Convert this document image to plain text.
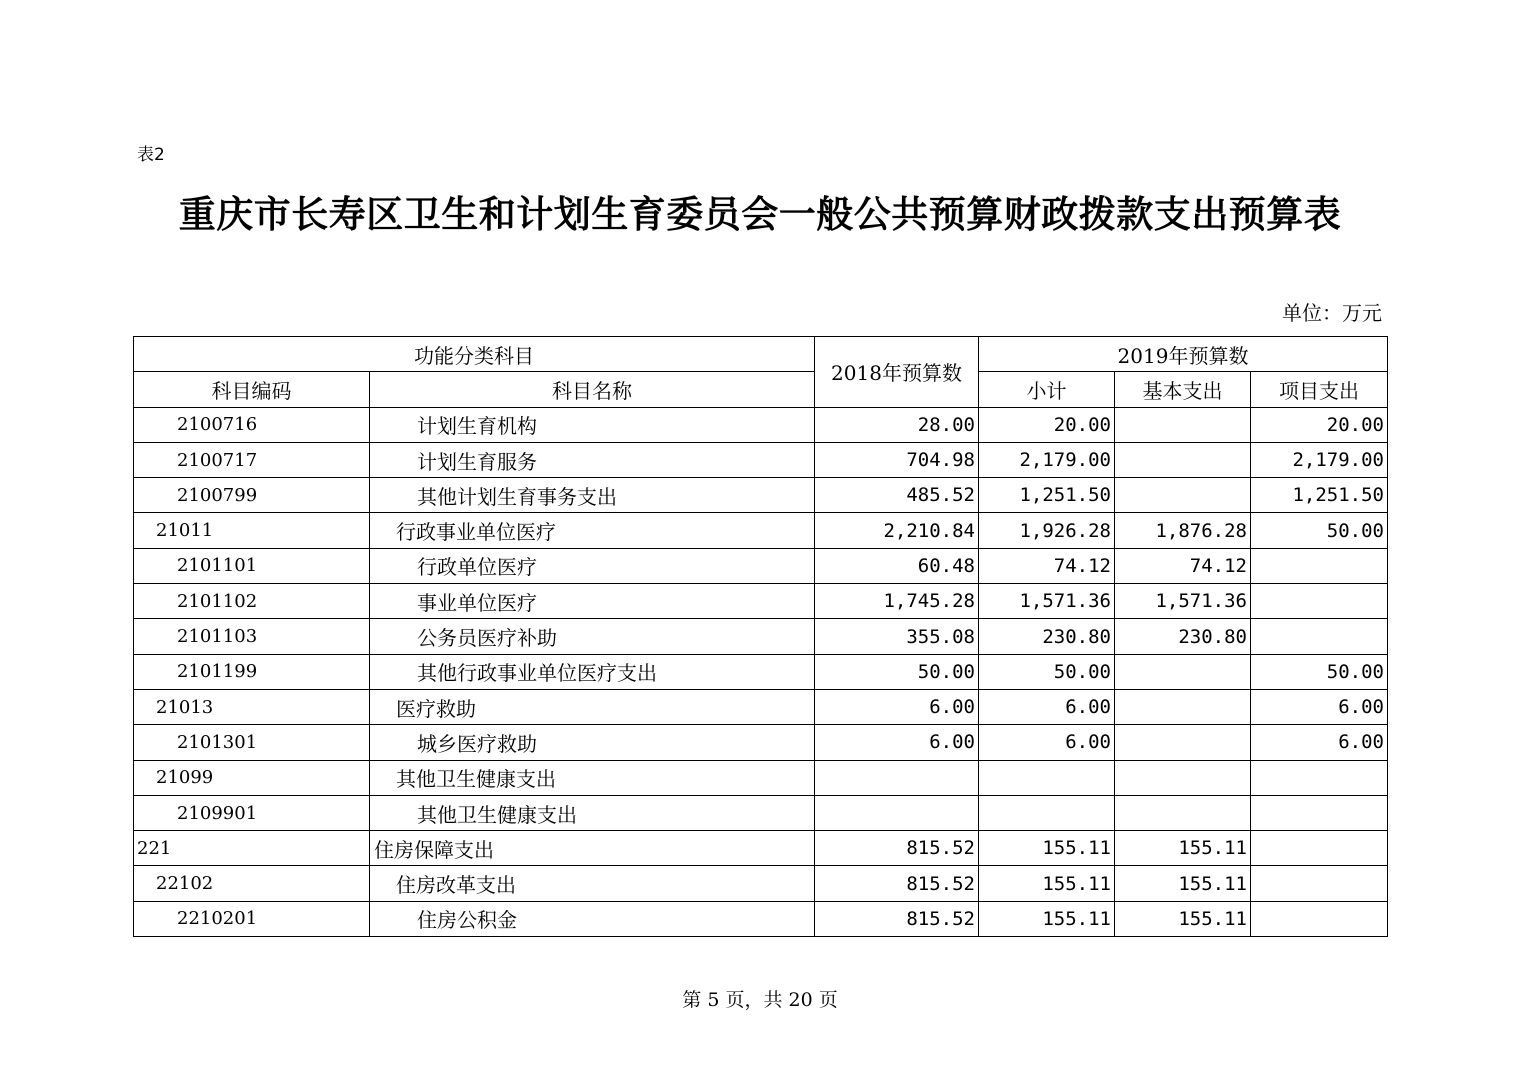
表2
重庆市长寿区卫生和计划生育委员会一般公共预算财政拨款支出预算表
单位：万元
功能分类科目		2018年预算数	2019年预算数		
科目编码	科目名称		小计	基本支出	项目支出
2100716	计划生育机构	28.00	20.00		20.00
2100717	计划生育服务	704.98	2,179.00		2,179.00
2100799	其他计划生育事务支出	485.52	1,251.50		1,251.50
21011	行政事业单位医疗	2,210.84	1,926.28	1,876.28	50.00
2101101	行政单位医疗	60.48	74.12	74.12	
2101102	事业单位医疗	1,745.28	1,571.36	1,571.36	
2101103	公务员医疗补助	355.08	230.80	230.80	
2101199	其他行政事业单位医疗支出	50.00	50.00		50.00
21013	医疗救助	6.00	6.00		6.00
2101301	城乡医疗救助	6.00	6.00		6.00
21099	其他卫生健康支出				
2109901	其他卫生健康支出				
221	住房保障支出	815.52	155.11	155.11	
22102	住房改革支出	815.52	155.11	155.11	
2210201	住房公积金	815.52	155.11	155.11	
第 5 页，共 20 页
